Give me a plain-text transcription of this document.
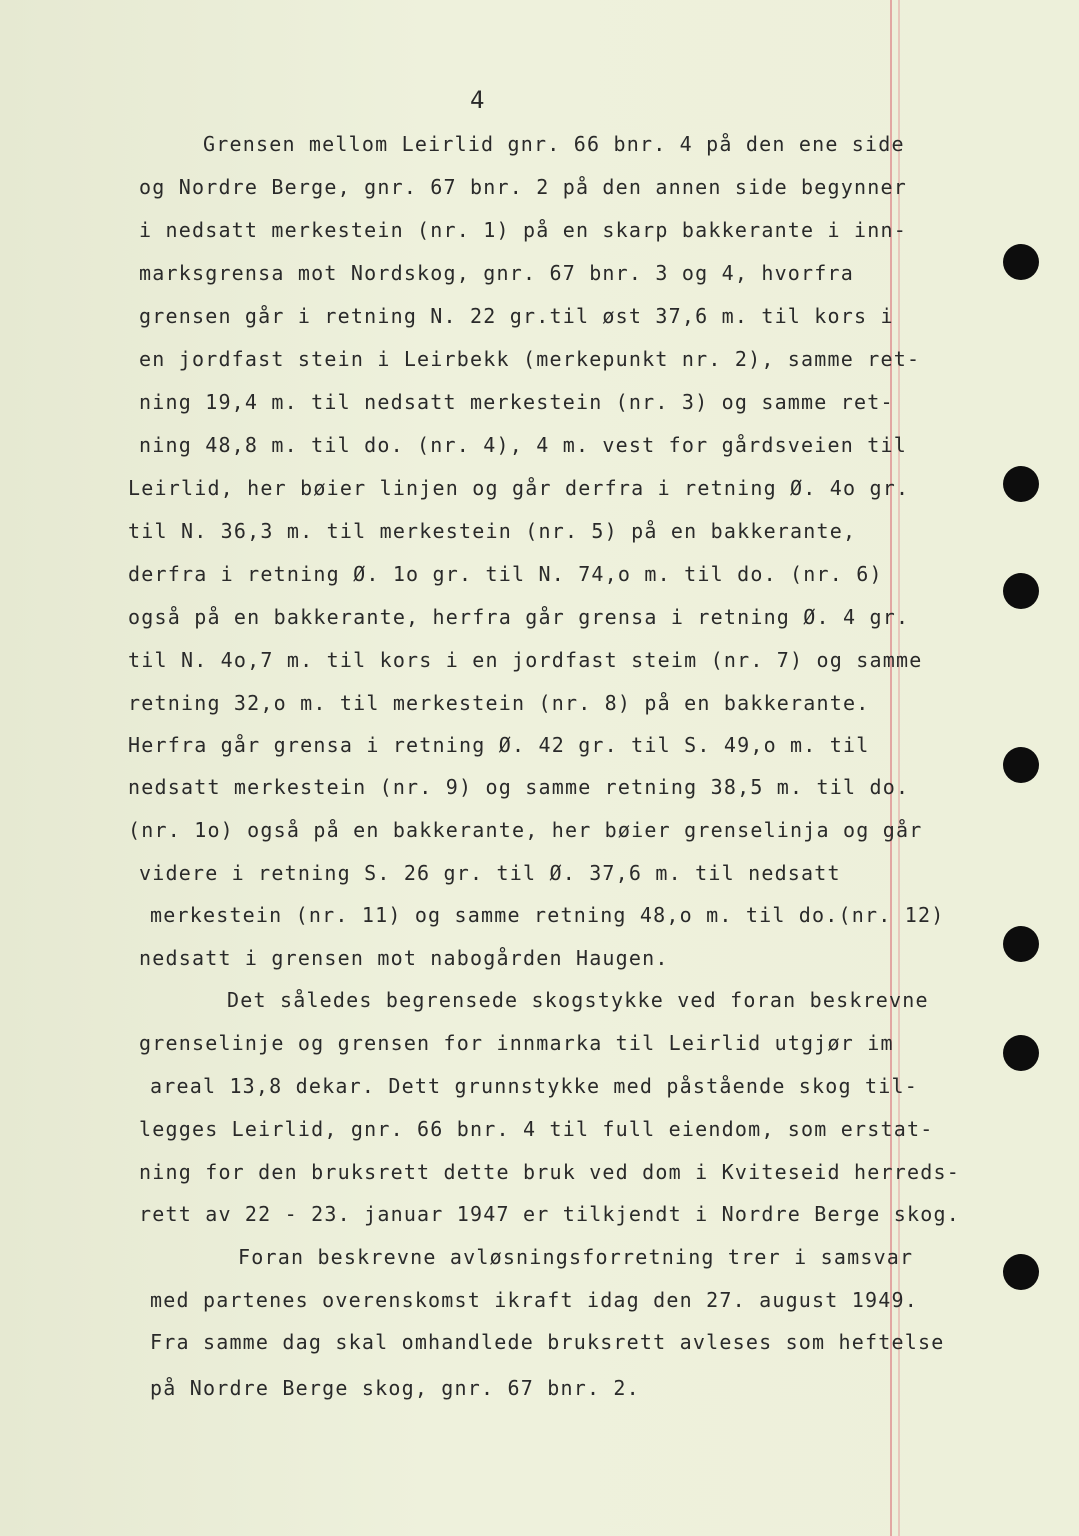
4
Grensen mellom Leirlid gnr. 66 bnr. 4 på den ene side
og Nordre Berge, gnr. 67 bnr. 2 på den annen side begynner
i nedsatt merkestein (nr. 1) på en skarp bakkerante i inn-
marksgrensa mot Nordskog, gnr. 67 bnr. 3 og 4, hvorfra
grensen går i retning N. 22 gr.til øst 37,6 m. til kors i
en jordfast stein i Leirbekk (merkepunkt nr. 2), samme ret-
ning 19,4 m. til nedsatt merkestein (nr. 3) og samme ret-
ning 48,8 m. til do. (nr. 4), 4 m. vest for gårdsveien til
Leirlid, her bøier linjen og går derfra i retning Ø. 4o gr.
til N. 36,3 m. til merkestein (nr. 5) på en bakkerante,
derfra i retning Ø. 1o gr. til N. 74,o m. til do. (nr. 6)
også på en bakkerante, herfra går grensa i retning Ø. 4 gr.
til N. 4o,7 m. til kors i en jordfast steim (nr. 7) og samme
retning 32,o m. til merkestein (nr. 8) på en bakkerante.
Herfra går grensa i retning Ø. 42 gr. til S. 49,o m. til
nedsatt merkestein (nr. 9) og samme retning 38,5 m. til do.
(nr. 1o) også på en bakkerante, her bøier grenselinja og går
videre i retning S. 26 gr. til Ø. 37,6 m. til nedsatt
merkestein (nr. 11) og samme retning 48,o m. til do.(nr. 12)
nedsatt i grensen mot nabogården Haugen.
Det således begrensede skogstykke ved foran beskrevne
grenselinje og grensen for innmarka til Leirlid utgjør im
areal 13,8 dekar. Dett grunnstykke med påstående skog til-
legges Leirlid, gnr. 66 bnr. 4 til full eiendom, som erstat-
ning for den bruksrett dette bruk ved dom i Kviteseid herreds-
rett av 22 - 23. januar 1947 er tilkjendt i Nordre Berge skog.
Foran beskrevne avløsningsforretning trer i samsvar
med partenes overenskomst ikraft idag den 27. august 1949.
Fra samme dag skal omhandlede bruksrett avleses som heftelse
på Nordre Berge skog, gnr. 67 bnr. 2.
